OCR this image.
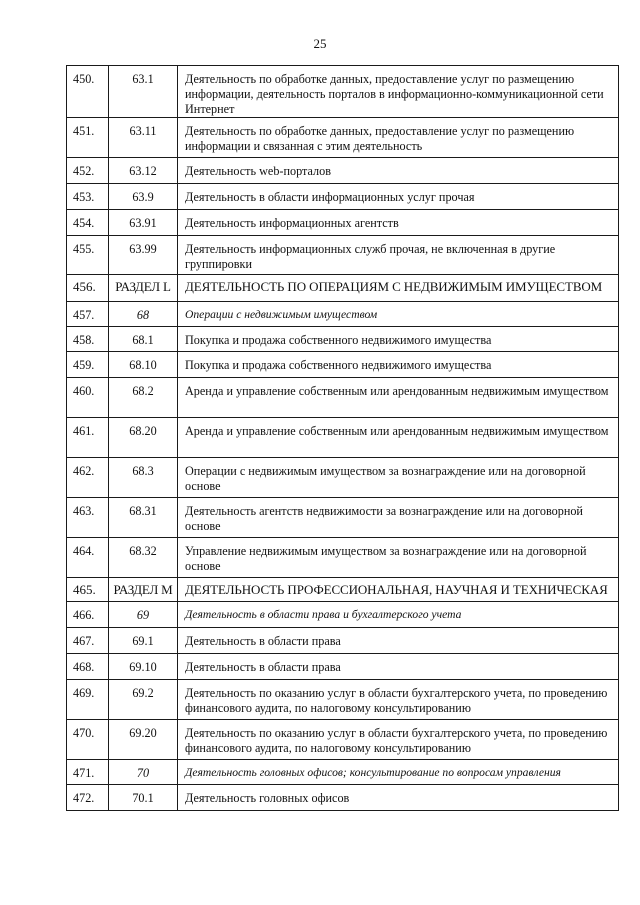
25
450.	63.1	Деятельность по обработке данных, предоставление услуг по размещению информации, деятельность порталов в информационно-коммуникационной сети Интернет
451.	63.11	Деятельность по обработке данных, предоставление услуг по размещению информации и связанная с этим деятельность
452.	63.12	Деятельность web-порталов
453.	63.9	Деятельность в области информационных услуг прочая
454.	63.91	Деятельность информационных агентств
455.	63.99	Деятельность информационных служб прочая, не включенная в другие группировки
456.	РАЗДЕЛ L	ДЕЯТЕЛЬНОСТЬ ПО ОПЕРАЦИЯМ С НЕДВИЖИМЫМ ИМУЩЕСТВОМ
457.	68	Операции с недвижимым имуществом
458.	68.1	Покупка и продажа собственного недвижимого имущества
459.	68.10	Покупка и продажа собственного недвижимого имущества
460.	68.2	Аренда и управление собственным или арендованным недвижимым имуществом
461.	68.20	Аренда и управление собственным или арендованным недвижимым имуществом
462.	68.3	Операции с недвижимым имуществом за вознаграждение или на договорной основе
463.	68.31	Деятельность агентств недвижимости за вознаграждение или на договорной основе
464.	68.32	Управление недвижимым имуществом за вознаграждение или на договорной основе
465.	РАЗДЕЛ М	ДЕЯТЕЛЬНОСТЬ ПРОФЕССИОНАЛЬНАЯ, НАУЧНАЯ И ТЕХНИЧЕСКАЯ
466.	69	Деятельность в области права и бухгалтерского учета
467.	69.1	Деятельность в области права
468.	69.10	Деятельность в области права
469.	69.2	Деятельность по оказанию услуг в области бухгалтерского учета, по проведению финансового аудита, по налоговому консультированию
470.	69.20	Деятельность по оказанию услуг в области бухгалтерского учета, по проведению финансового аудита, по налоговому консультированию
471.	70	Деятельность головных офисов; консультирование по вопросам управления
472.	70.1	Деятельность головных офисов
